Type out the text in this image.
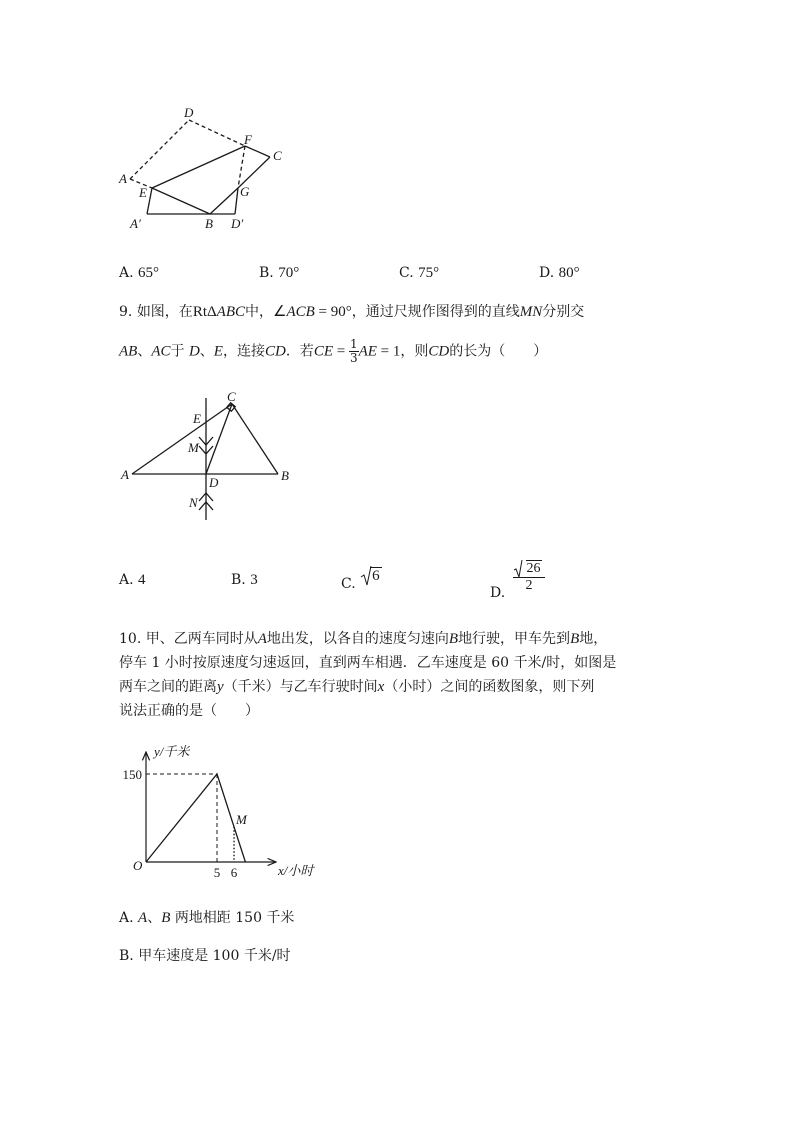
D
F
C
A
E	G
A′	B D′
A. 65°	B. 70°	C. 75°	D. 80°
9. 如图，在RtΔABC中，∠ACB = 90°，通过尺规作图得到的直线MN分别交
AB、AC于 D、E，连接CD．若CE = $\frac{1}{3}$ AE = 1，则CD的长为（　　）
C
E
M
A
D	B
N
A. 4	B. 3	C. 6
D.
26
2
10. 甲、乙两车同时从A地出发，以各自的速度匀速向B地行驶，甲车先到B地，
停车 1 小时按原速度匀速返回，直到两车相遇．乙车速度是 60 千米/时，如图是
两车之间的距离y（千米）与乙车行驶时间x（小时）之间的函数图象，则下列
说法正确的是（　　）
y/千米
x/小时
O
150
5 6
M
A. A、B 两地相距 150 千米
B. 甲车速度是 100 千米/时
